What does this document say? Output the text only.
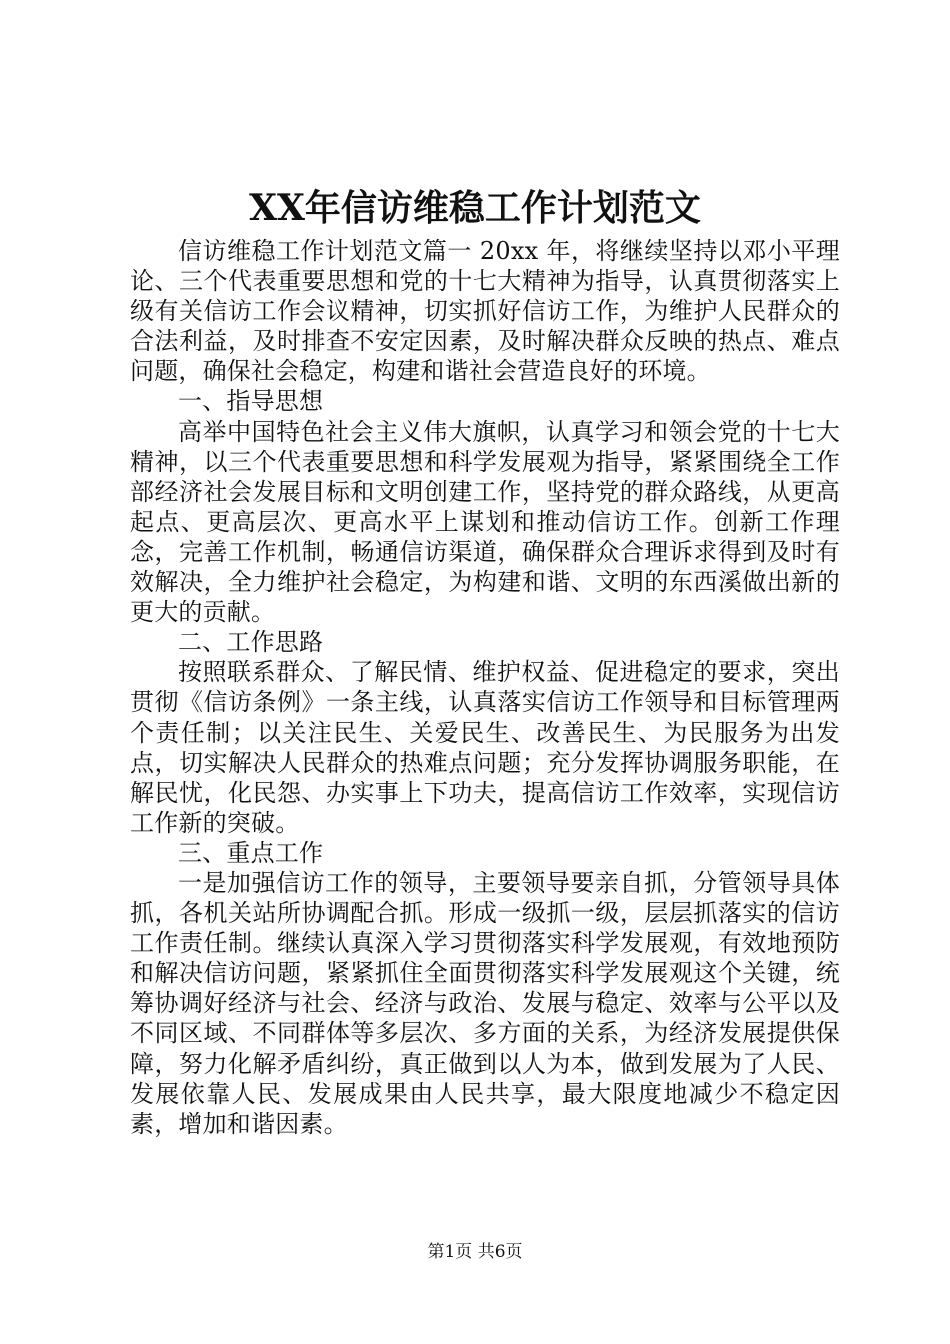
XX年信访维稳工作计划范文

信访维稳工作计划范文篇一 20xx 年，将继续坚持以邓小平理论、三个代表重要思想和党的十七大精神为指导，认真贯彻落实上级有关信访工作会议精神，切实抓好信访工作，为维护人民群众的合法利益，及时排查不安定因素，及时解决群众反映的热点、难点问题，确保社会稳定，构建和谐社会营造良好的环境。

一、指导思想

高举中国特色社会主义伟大旗帜，认真学习和领会党的十七大精神，以三个代表重要思想和科学发展观为指导，紧紧围绕全工作部经济社会发展目标和文明创建工作，坚持党的群众路线，从更高起点、更高层次、更高水平上谋划和推动信访工作。创新工作理念，完善工作机制，畅通信访渠道，确保群众合理诉求得到及时有效解决，全力维护社会稳定，为构建和谐、文明的东西溪做出新的更大的贡献。

二、工作思路

按照联系群众、了解民情、维护权益、促进稳定的要求，突出贯彻《信访条例》一条主线，认真落实信访工作领导和目标管理两个责任制；以关注民生、关爱民生、改善民生、为民服务为出发点，切实解决人民群众的热难点问题；充分发挥协调服务职能，在解民忧，化民怨、办实事上下功夫，提高信访工作效率，实现信访工作新的突破。

三、重点工作

一是加强信访工作的领导，主要领导要亲自抓，分管领导具体抓，各机关站所协调配合抓。形成一级抓一级，层层抓落实的信访工作责任制。继续认真深入学习贯彻落实科学发展观，有效地预防和解决信访问题，紧紧抓住全面贯彻落实科学发展观这个关键，统筹协调好经济与社会、经济与政治、发展与稳定、效率与公平以及不同区域、不同群体等多层次、多方面的关系，为经济发展提供保障，努力化解矛盾纠纷，真正做到以人为本，做到发展为了人民、发展依靠人民、发展成果由人民共享，最大限度地减少不稳定因素，增加和谐因素。

第1页 共6页
